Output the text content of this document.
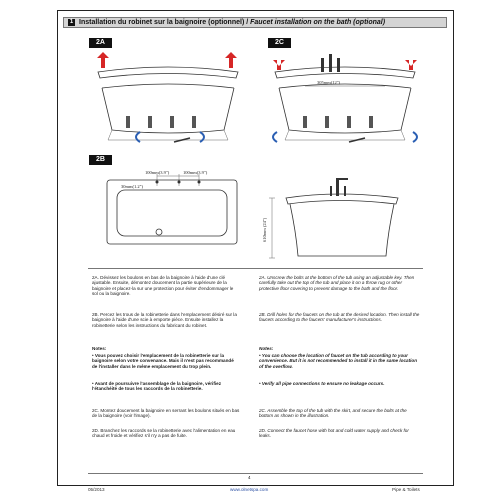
1 Installation du robinet sur la baignoire (optionnel) / Faucet installation on the bath (optional)
2A	2C
305mm(12")
2B
100mm(3.9")	100mm(3.9")
30mm(1.2")
610mm (24")
2A. Dévissez les boulons en bas de la baignoire à l'aide d'une clé ajustable. Ensuite, démontez doucement la partie supérieure de la baignoire et placez-la sur une protection pour éviter d'endommager le sol ou la baignoire.
2B. Percez les trous de la robinetterie dans l'emplacement désiré sur la baignoire à l'aide d'une scie à emporte pièce. Ensuite installez la robinetterie selon les instructions du fabricant du robinet.
Notes:
• Vous pouvez choisir l'emplacement de la robinetterie sur la baignoire selon votre convenance. Mais il n'est pas recommandé de l'installer dans le même emplacement du trop plein.
• Avant de poursuivre l'assemblage de la baignoire, vérifiez l'étanchéité de tous les raccords de la robinetterie.
2C. Montez doucement la baignoire en serrant les boulons situés en bas de la baignoire (voir l'image).
2D. Branchez les raccords se la robinetterie avec l'alimentation en eau chaud et froide et vérifiez s'il n'y a pas de fuite.
2A. Unscrew the bolts at the bottom of the tub using an adjustable key. Then carefully take out the top of the tub and place it on a throw rug or other protective floor covering to prevent damage to the bath and the floor.
2B. Drill holes for the faucets on the tub at the desired location. Then install the faucets according to the faucets' manufacturer's instructions.
Notes:
• You can choose the location of faucet on the tub according to your convenience. But it is not recommended to install it in the same location of the overflow.
• Verify all pipe connections to ensure no leakage occurs.
2C. Assemble the top of the tub with the skirt, and secure the bolts at the bottom as shown in the illustration.
2D. Connect the faucet hose with hot and cold water supply and check for leaks.
4
05/2013	www.olnetspa.com	Pipe & Toilets
